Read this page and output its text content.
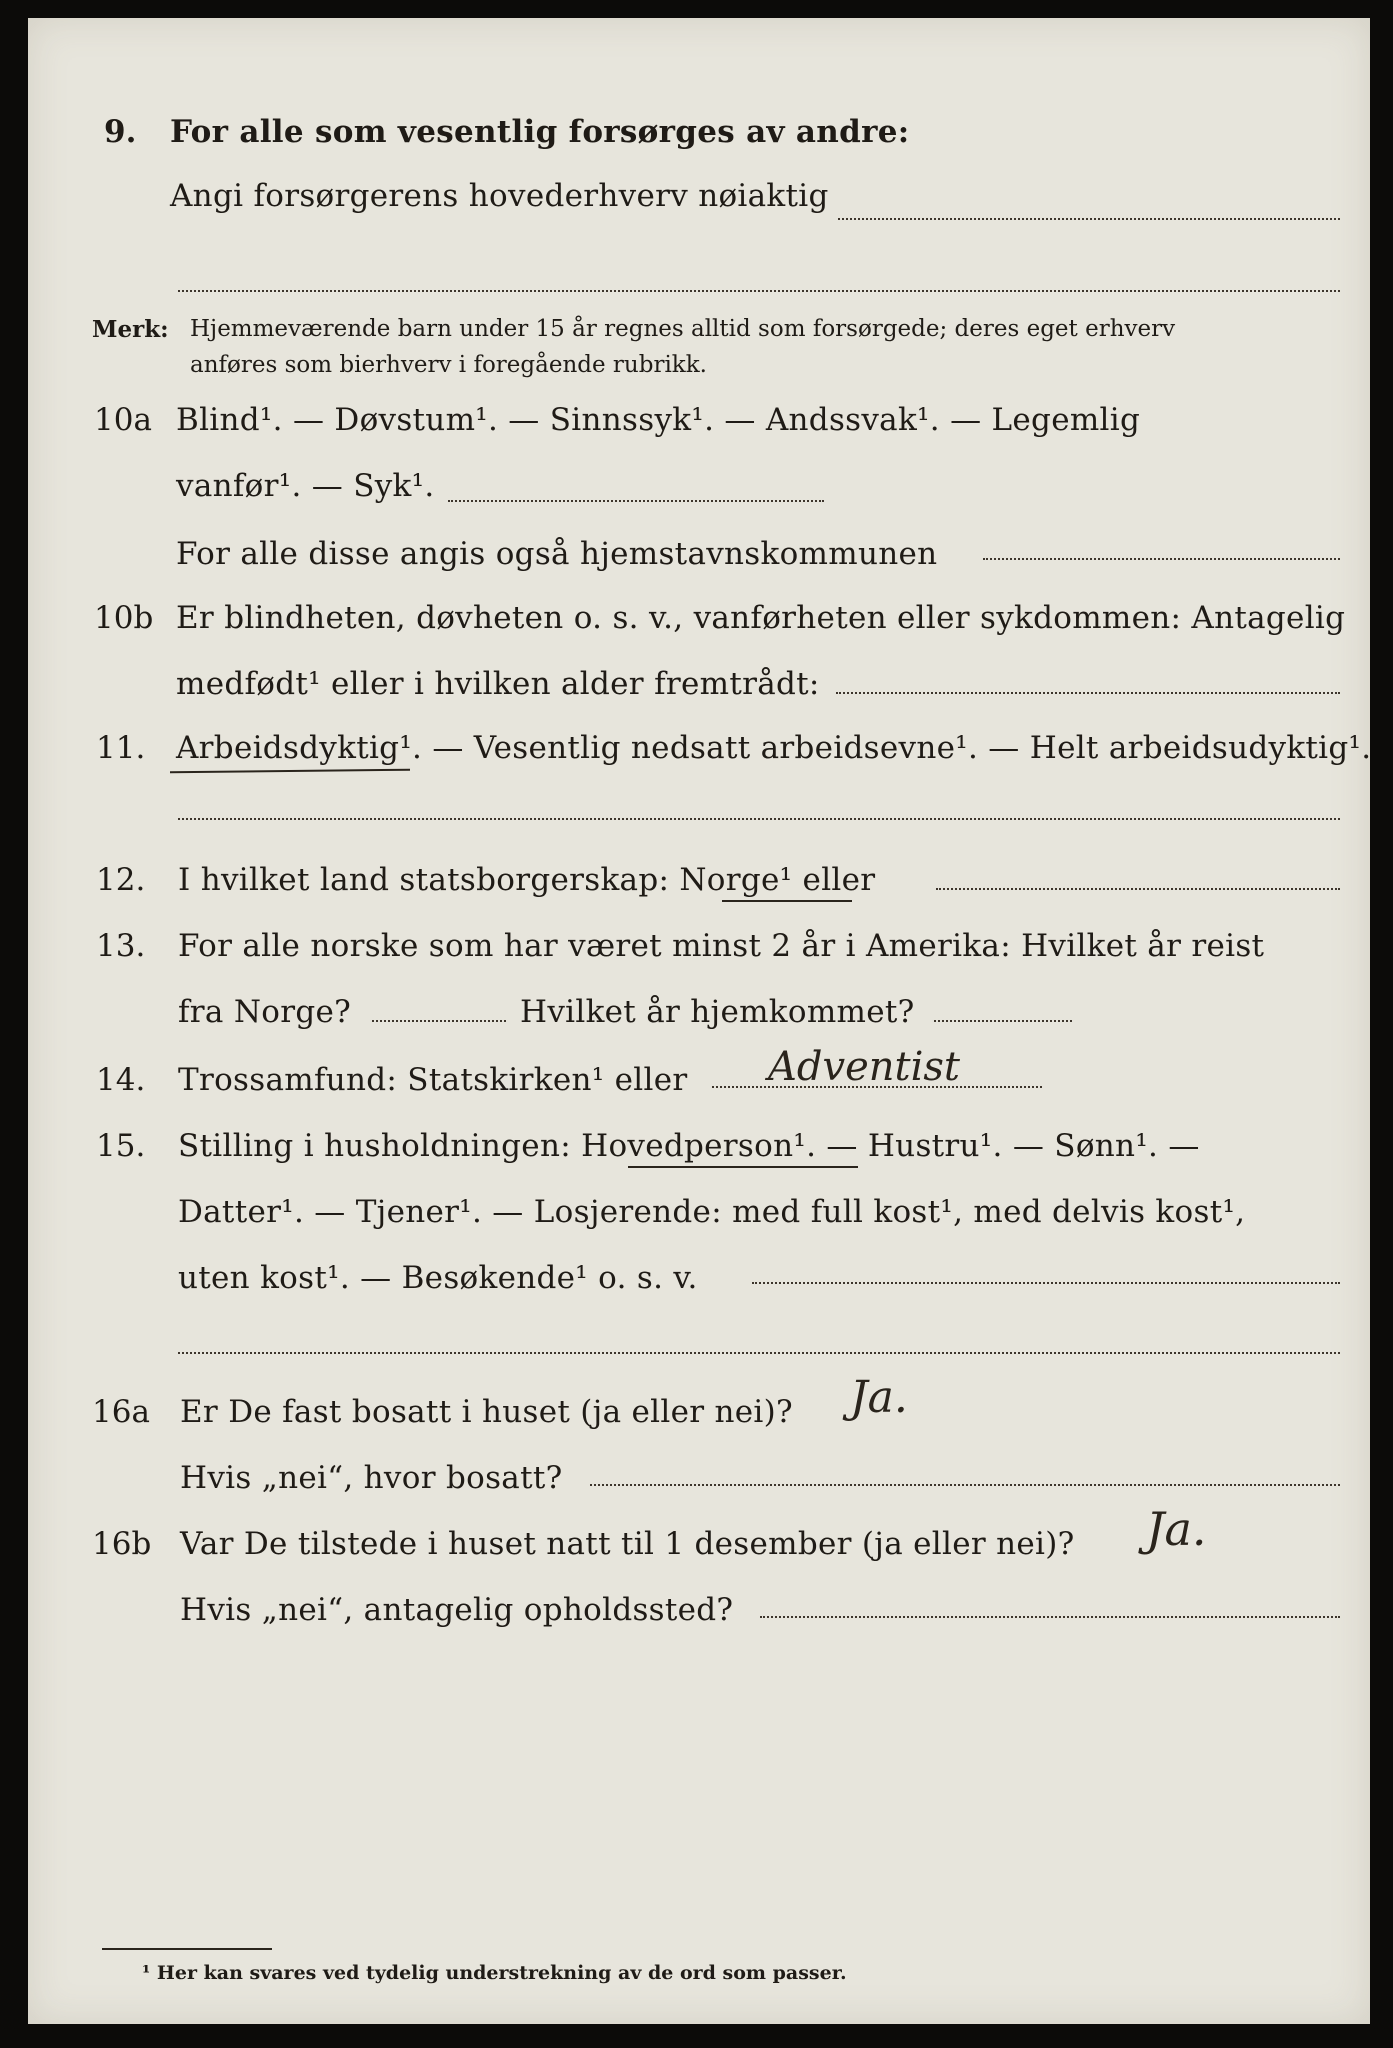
9. For alle som vesentlig forsørges av andre:
Angi forsørgerens hovederhverv nøiaktig
Merk: Hjemmeværende barn under 15 år regnes alltid som forsørgede; deres eget erhverv
anføres som bierhverv i foregående rubrikk.
10a Blind¹. — Døvstum¹. — Sinnssyk¹. — Andssvak¹. — Legemlig
vanfør¹. — Syk¹.
For alle disse angis også hjemstavnskommunen
10b Er blindheten, døvheten o. s. v., vanførheten eller sykdommen: Antagelig
medfødt¹ eller i hvilken alder fremtrådt:
11. Arbeidsdyktig¹. — Vesentlig nedsatt arbeidsevne¹. — Helt arbeidsudyktig¹.
12. I hvilket land statsborgerskap: Norge¹ eller
13. For alle norske som har været minst 2 år i Amerika: Hvilket år reist
fra Norge?	Hvilket år hjemkommet?
14. Trossamfund: Statskirken¹ eller Adventist
15. Stilling i husholdningen: Hovedperson¹. — Hustru¹. — Sønn¹. —
Datter¹. — Tjener¹. — Losjerende: med full kost¹, med delvis kost¹,
uten kost¹. — Besøkende¹ o. s. v.
16a Er De fast bosatt i huset (ja eller nei)? Ja.
Hvis „nei“, hvor bosatt?
16b Var De tilstede i huset natt til 1 desember (ja eller nei)? Ja.
Hvis „nei“, antagelig opholdssted?
¹ Her kan svares ved tydelig understrekning av de ord som passer.
